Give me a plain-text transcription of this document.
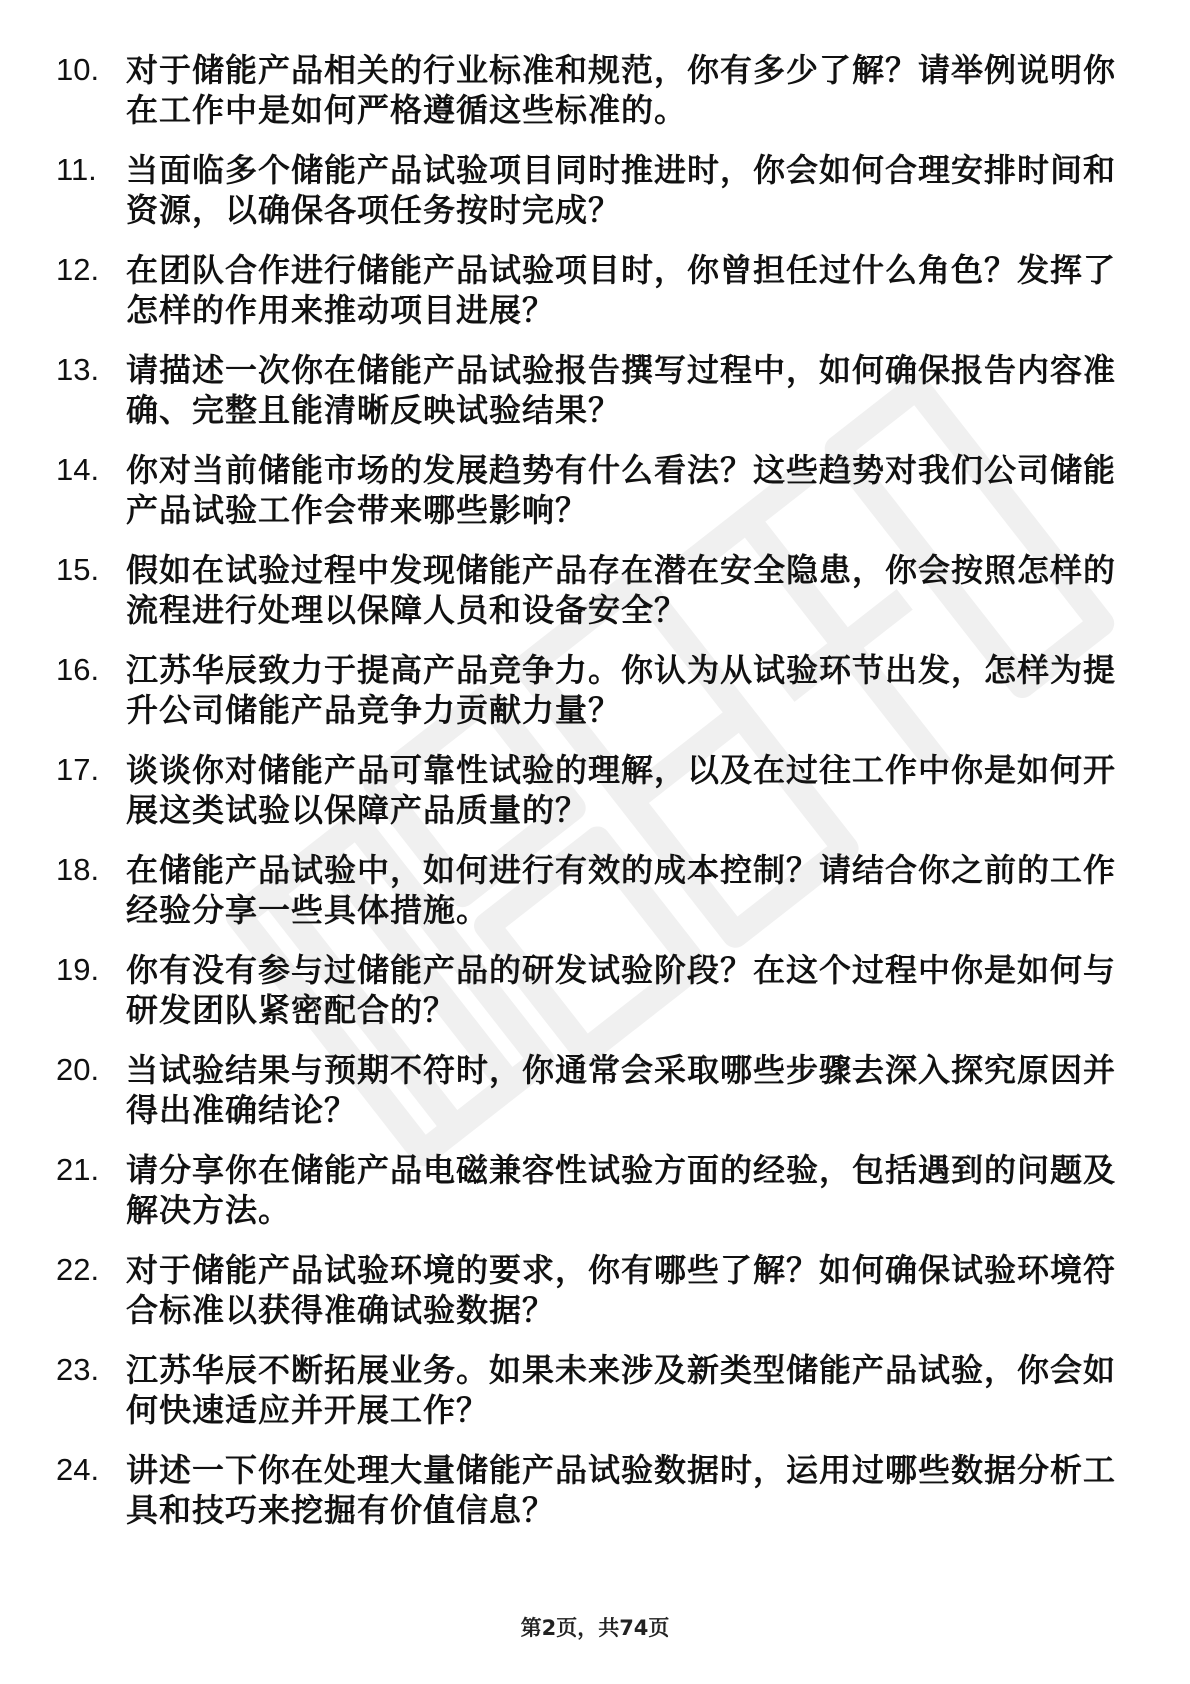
10. 对于储能产品相关的行业标准和规范，你有多少了解？请举例说明你在工作中是如何严格遵循这些标准的。
11. 当面临多个储能产品试验项目同时推进时，你会如何合理安排时间和资源，以确保各项任务按时完成？
12. 在团队合作进行储能产品试验项目时，你曾担任过什么角色？发挥了怎样的作用来推动项目进展？
13. 请描述一次你在储能产品试验报告撰写过程中，如何确保报告内容准确、完整且能清晰反映试验结果？
14. 你对当前储能市场的发展趋势有什么看法？这些趋势对我们公司储能产品试验工作会带来哪些影响？
15. 假如在试验过程中发现储能产品存在潜在安全隐患，你会按照怎样的流程进行处理以保障人员和设备安全？
16. 江苏华辰致力于提高产品竞争力。你认为从试验环节出发，怎样为提升公司储能产品竞争力贡献力量？
17. 谈谈你对储能产品可靠性试验的理解，以及在过往工作中你是如何开展这类试验以保障产品质量的？
18. 在储能产品试验中，如何进行有效的成本控制？请结合你之前的工作经验分享一些具体措施。
19. 你有没有参与过储能产品的研发试验阶段？在这个过程中你是如何与研发团队紧密配合的？
20. 当试验结果与预期不符时，你通常会采取哪些步骤去深入探究原因并得出准确结论？
21. 请分享你在储能产品电磁兼容性试验方面的经验，包括遇到的问题及解决方法。
22. 对于储能产品试验环境的要求，你有哪些了解？如何确保试验环境符合标准以获得准确试验数据？
23. 江苏华辰不断拓展业务。如果未来涉及新类型储能产品试验，你会如何快速适应并开展工作？
24. 讲述一下你在处理大量储能产品试验数据时，运用过哪些数据分析工具和技巧来挖掘有价值信息？
第2页，共74页
